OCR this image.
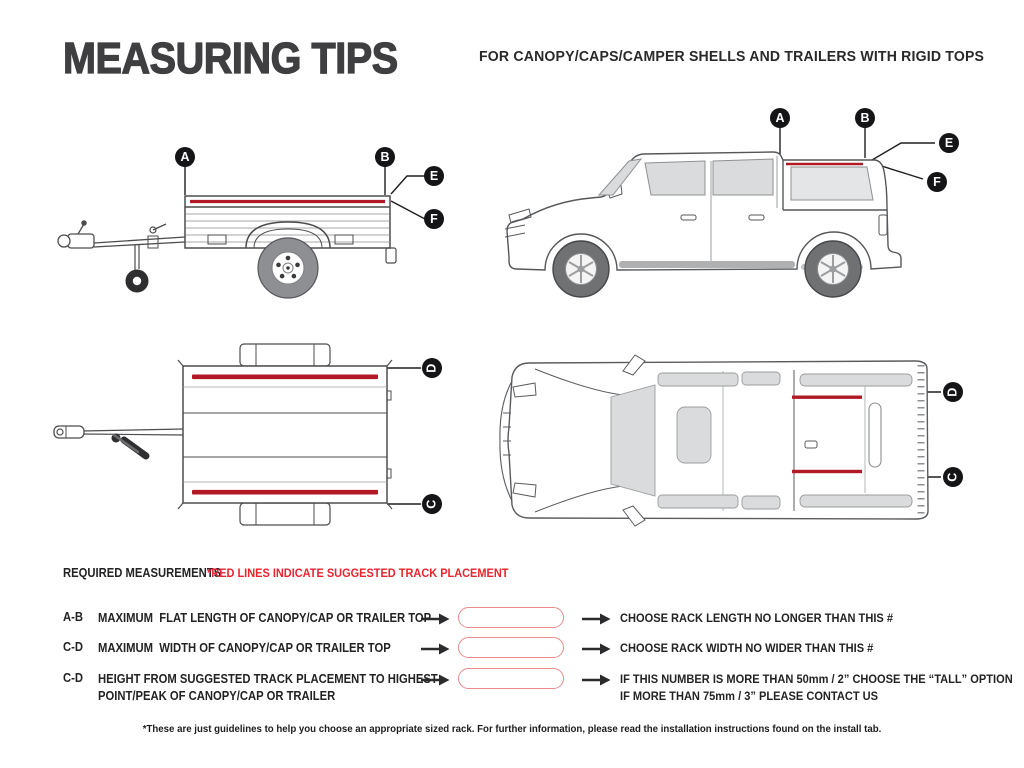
MEASURING TIPS	FOR CANOPY/CAPS/CAMPER SHELLS AND TRAILERS WITH RIGID TOPS
A	B
E
F
A	B
E
F
D
C
D
C
REQUIRED MEASUREMENTS
*RED LINES INDICATE SUGGESTED TRACK PLACEMENT
A-B MAXIMUM  FLAT LENGTH OF CANOPY/CAP OR TRAILER TOP	CHOOSE RACK LENGTH NO LONGER THAN THIS #
C-D MAXIMUM  WIDTH OF CANOPY/CAP OR TRAILER TOP	CHOOSE RACK WIDTH NO WIDER THAN THIS #
C-D HEIGHT FROM SUGGESTED TRACK PLACEMENT TO HIGHEST
POINT/PEAK OF CANOPY/CAP OR TRAILER
IF THIS NUMBER IS MORE THAN 50mm / 2” CHOOSE THE “TALL” OPTION
IF MORE THAN 75mm / 3” PLEASE CONTACT US
*These are just guidelines to help you choose an appropriate sized rack. For further information, please read the installation instructions found on the install tab.
